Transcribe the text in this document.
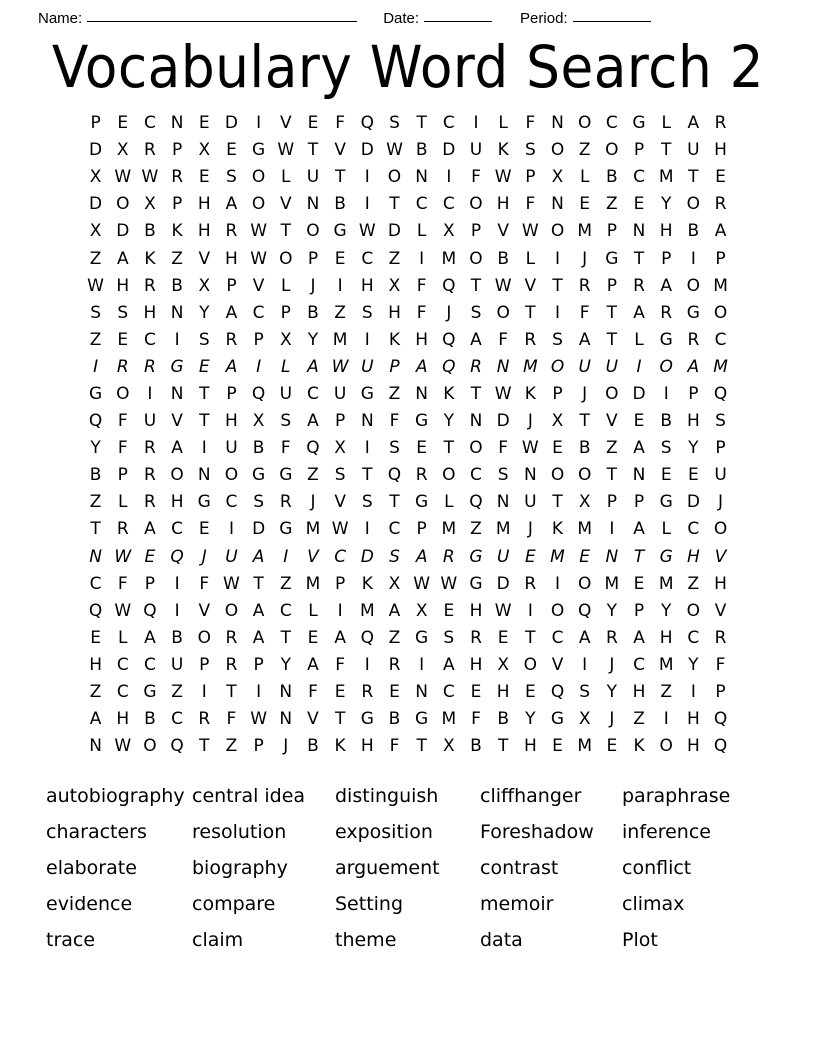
Name:	Date:	Period:
Vocabulary Word Search 2
P E C N E D	I	V E F Q S T C	I	L	F N O C G L A R
D X R P X E G W T V D W B D U K S O Z O P T U H
X W W R E S O L U T	I	O N	I	F W P X L B C M T E
D O X P H A O V N B	I	T C C O H F N E Z E Y O R
X D B K H R W T O G W D L X P V W O M P N H B A
Z A K Z V H W O P E C Z	I	M O B L	I	J	G T P	I	P
W H R B X P V L	J	I	H X F Q T W V T R P R A O M
S S H N Y A C P B Z S H F	J	S O T	I	F	T A R G O
Z E C	I	S R P X Y M	I	K H Q A F R S A T	L G R C
I	R R G E A	I	L A W U P A Q R N M O U U	I	O A M
G O	I	N T P Q U C U G Z N K T W K P	J	O D	I	P Q
Q F U V T H X S A P N F G Y N D	J	X T V E B H S
Y	F R A	I	U B F Q X	I	S E T O F W E B Z A S Y P
B P R O N O G G Z S T Q R O C S N O O T N E E U
Z L R H G C S R	J	V S T G L Q N U T X P P G D	J
T R A C E	I	D G M W I	C P M Z M	J	K M	I	A L C O
N W E Q	J	U A	I	V C D S A R G U E M E N T G H V
C F	P	I	F W T Z M P K X W W G D R	I	O M E M Z H
Q W Q	I	V O A C L	I	M A X E H W I	O Q Y P Y O V
E	L A B O R A T E A Q Z G S R E T C A R A H C R
H C C U P R P Y A F	I	R	I	A H X O V	I	J	C M Y	F
Z C G Z	I	T	I	N F E R E N C E H E Q S Y H Z	I	P
A H B C R F W N V T G B G M F B Y G X	J	Z	I	H Q
N W O Q T Z P	J	B K H F	T X B T H E M E K O H Q
autobiography central idea	distinguish	cliffhanger	paraphrase
characters	resolution	exposition	Foreshadow	inference
elaborate	biography	arguement	contrast	conflict
evidence	compare	Setting	memoir	climax
trace	claim	theme	data	Plot
